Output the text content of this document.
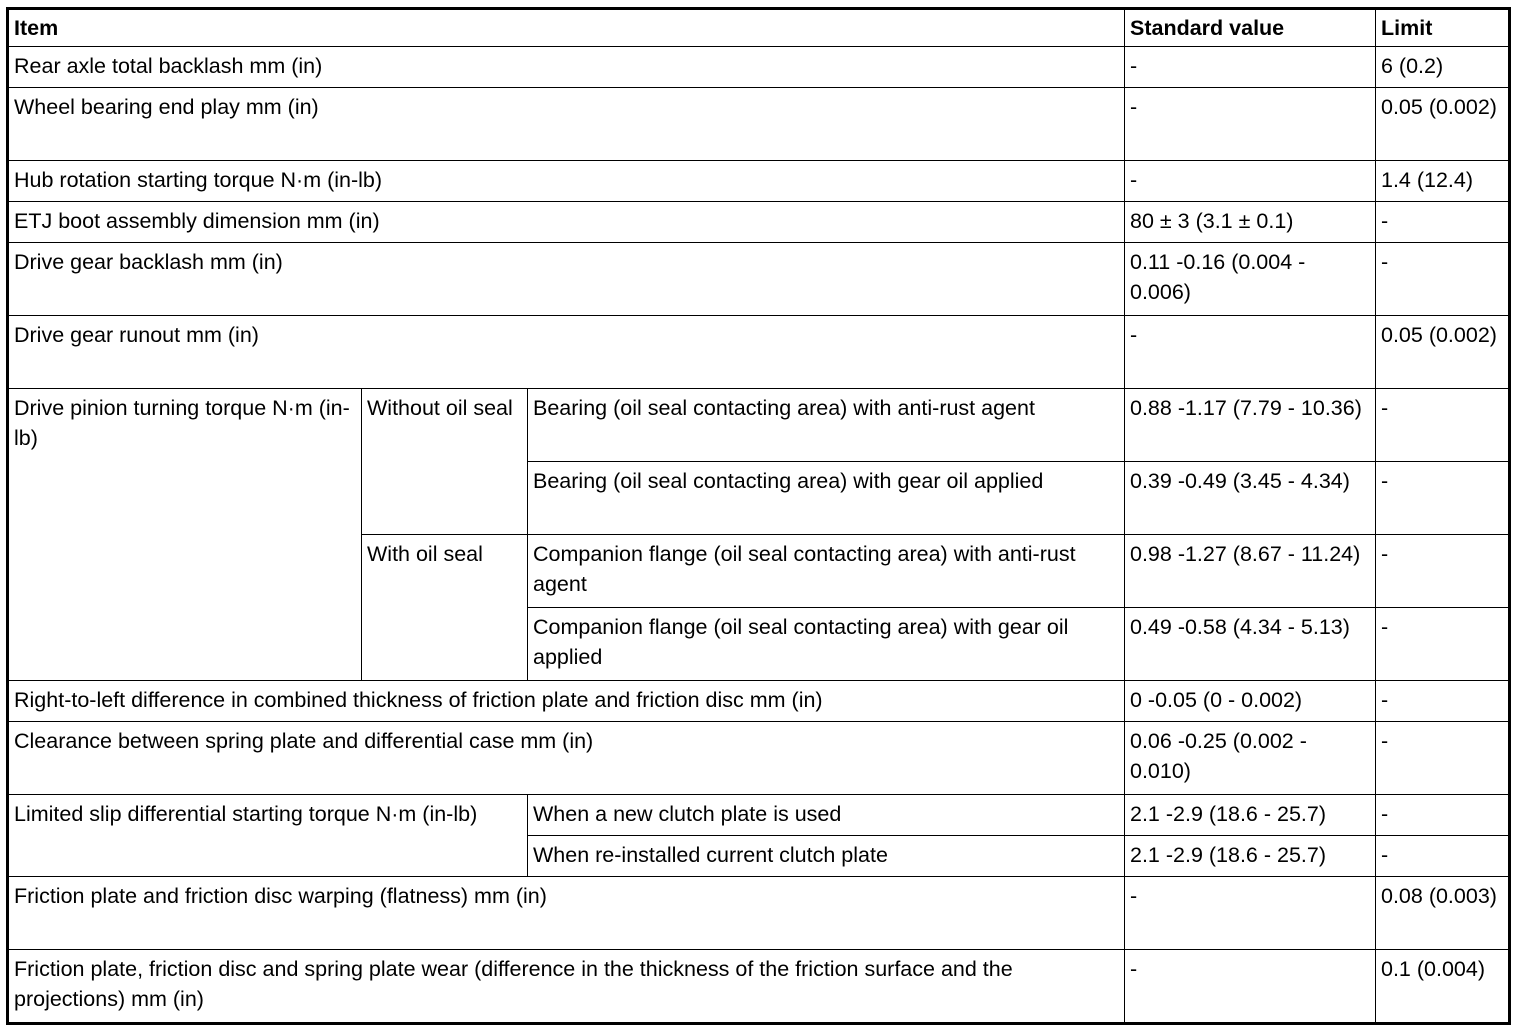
Item			Standard value	Limit
Rear axle total backlash mm (in)			-	6 (0.2)
Wheel bearing end play mm (in)			-	0.05 (0.002)
Hub rotation starting torque N·m (in-lb)			-	1.4 (12.4)
ETJ boot assembly dimension mm (in)			80 ± 3 (3.1 ± 0.1)	-
Drive gear backlash mm (in)			0.11 -0.16 (0.004 - 0.006)	-
Drive gear runout mm (in)			-	0.05 (0.002)
Drive pinion turning torque N·m (in-lb)	Without oil seal	Bearing (oil seal contacting area) with anti-rust agent	0.88 -1.17 (7.79 - 10.36)	-
		Bearing (oil seal contacting area) with gear oil applied	0.39 -0.49 (3.45 - 4.34)	-
	With oil seal	Companion flange (oil seal contacting area) with anti-rust agent	0.98 -1.27 (8.67 - 11.24)	-
		Companion flange (oil seal contacting area) with gear oil applied	0.49 -0.58 (4.34 - 5.13)	-
Right-to-left difference in combined thickness of friction plate and friction disc mm (in)			0 -0.05 (0 - 0.002)	-
Clearance between spring plate and differential case mm (in)			0.06 -0.25 (0.002 - 0.010)	-
Limited slip differential starting torque N·m (in-lb)		When a new clutch plate is used	2.1 -2.9 (18.6 - 25.7)	-
		When re-installed current clutch plate	2.1 -2.9 (18.6 - 25.7)	-
Friction plate and friction disc warping (flatness) mm (in)			-	0.08 (0.003)
Friction plate, friction disc and spring plate wear (difference in the thickness of the friction surface and the projections) mm (in)			-	0.1 (0.004)
